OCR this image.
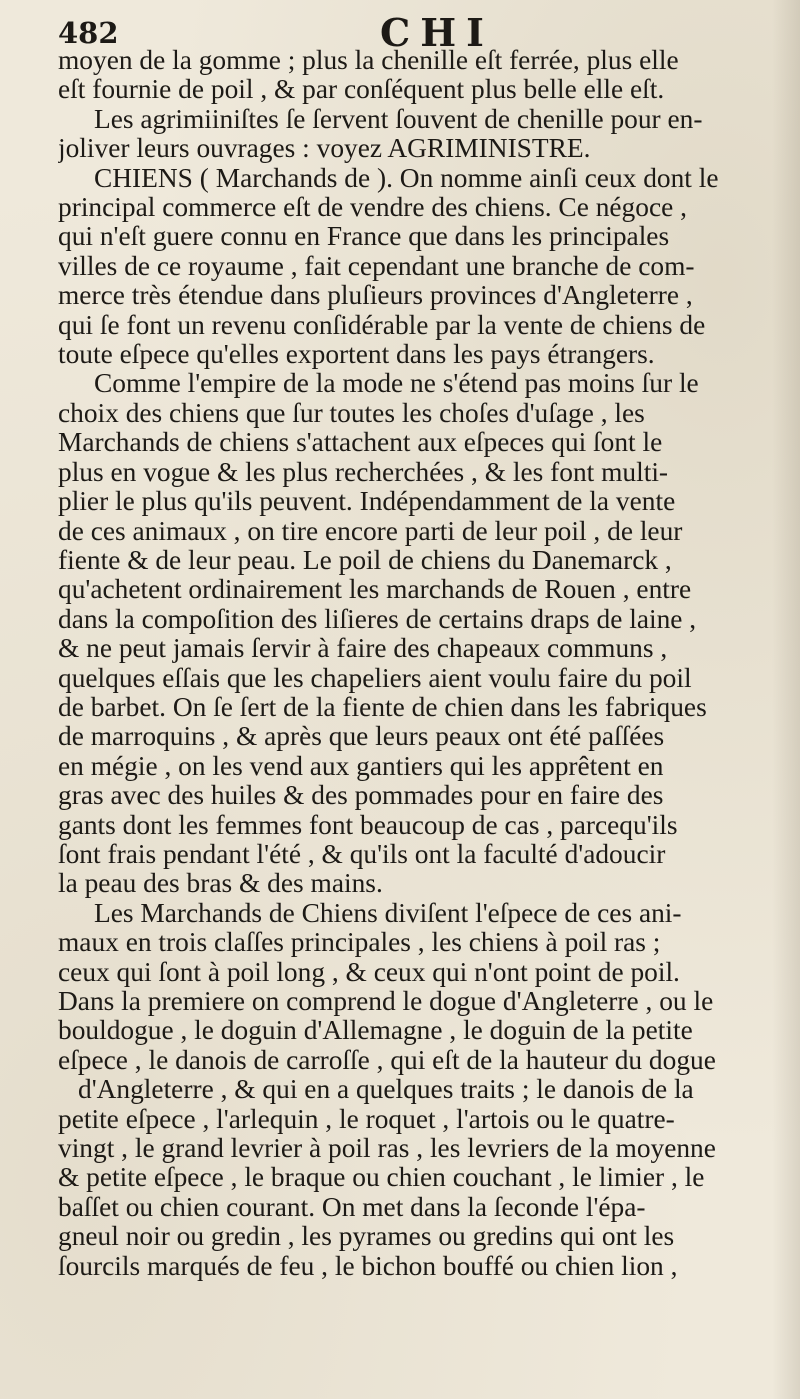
482	CHI
moyen de la gomme ; plus la chenille eſt ferrée, plus elle
eſt fournie de poil , & par conſéquent plus belle elle eſt.
Les agrimiiniſtes ſe ſervent ſouvent de chenille pour en-
joliver leurs ouvrages : voyez AGRIMINISTRE.
CHIENS ( Marchands de ). On nomme ainſi ceux dont le
principal commerce eſt de vendre des chiens. Ce négoce ,
qui n'eſt guere connu en France que dans les principales
villes de ce royaume , fait cependant une branche de com-
merce très étendue dans pluſieurs provinces d'Angleterre ,
qui ſe font un revenu conſidérable par la vente de chiens de
toute eſpece qu'elles exportent dans les pays étrangers.
Comme l'empire de la mode ne s'étend pas moins ſur le
choix des chiens que ſur toutes les choſes d'uſage , les
Marchands de chiens s'attachent aux eſpeces qui ſont le
plus en vogue & les plus recherchées , & les font multi-
plier le plus qu'ils peuvent. Indépendamment de la vente
de ces animaux , on tire encore parti de leur poil , de leur
fiente & de leur peau. Le poil de chiens du Danemarck ,
qu'achetent ordinairement les marchands de Rouen , entre
dans la compoſition des liſieres de certains draps de laine ,
& ne peut jamais ſervir à faire des chapeaux communs ,
quelques eſſais que les chapeliers aient voulu faire du poil
de barbet. On ſe ſert de la fiente de chien dans les fabriques
de marroquins , & après que leurs peaux ont été paſſées
en mégie , on les vend aux gantiers qui les apprêtent en
gras avec des huiles & des pommades pour en faire des
gants dont les femmes font beaucoup de cas , parcequ'ils
ſont frais pendant l'été , & qu'ils ont la faculté d'adoucir
la peau des bras & des mains.
Les Marchands de Chiens diviſent l'eſpece de ces ani-
maux en trois claſſes principales , les chiens à poil ras ;
ceux qui ſont à poil long , & ceux qui n'ont point de poil.
Dans la premiere on comprend le dogue d'Angleterre , ou le
bouldogue , le doguin d'Allemagne , le doguin de la petite
eſpece , le danois de carroſſe , qui eſt de la hauteur du dogue
d'Angleterre , & qui en a quelques traits ; le danois de la
petite eſpece , l'arlequin , le roquet , l'artois ou le quatre-
vingt , le grand levrier à poil ras , les levriers de la moyenne
& petite eſpece , le braque ou chien couchant , le limier , le
baſſet ou chien courant. On met dans la ſeconde l'épa-
gneul noir ou gredin , les pyrames ou gredins qui ont les
ſourcils marqués de feu , le bichon bouffé ou chien lion ,
